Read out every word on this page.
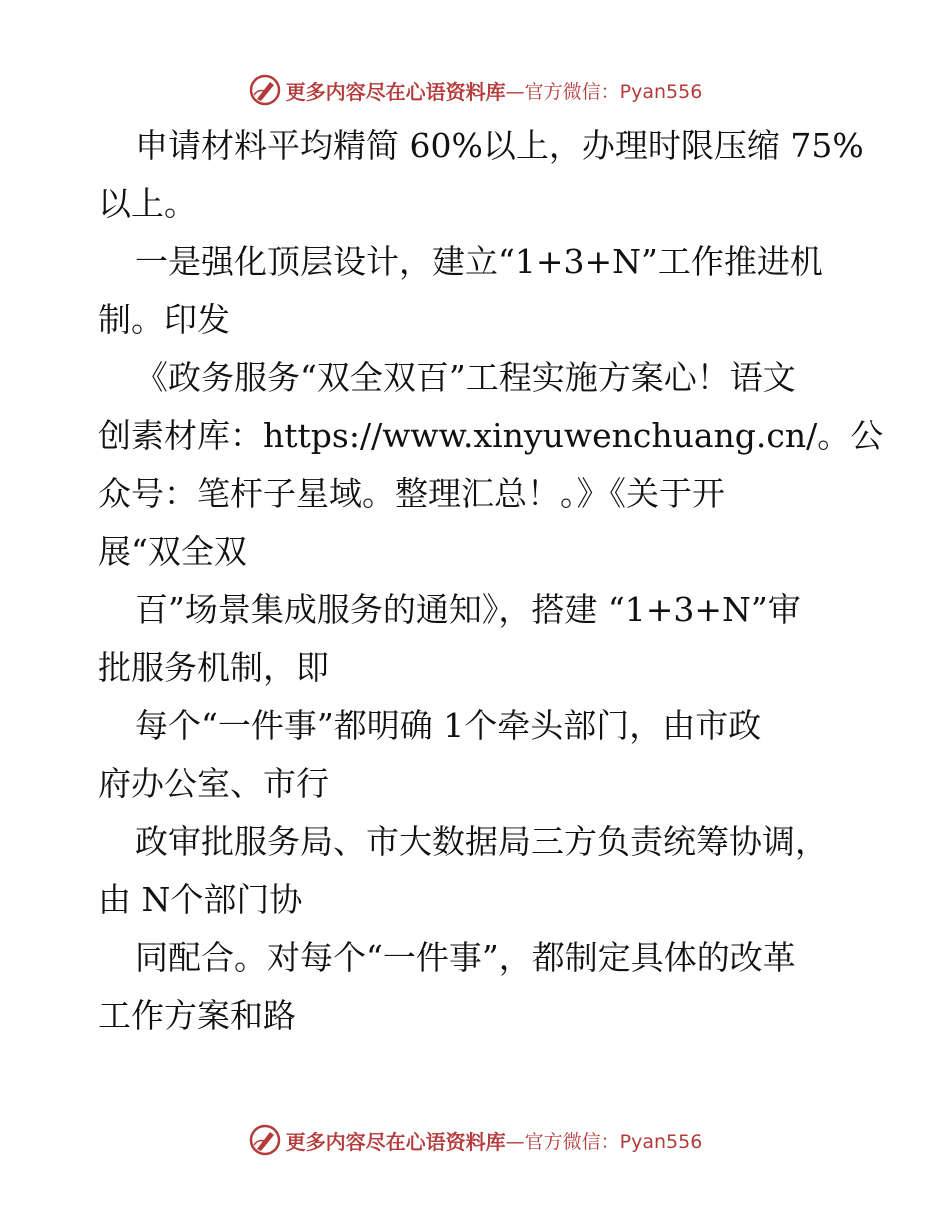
更多内容尽在心语资料库 —官方微信：Pyan556
申请材料平均精简 60%以上，办理时限压缩 75%
以上。
一是强化顶层设计，建立“1+3+N”工作推进机
制。印发
《政务服务“双全双百”工程实施方案心！语文
创素材库：https://www.xinyuwenchuang.cn/。公
众号：笔杆子星域。整理汇总！。》《关于开
展“双全双
百”场景集成服务的通知》，搭建 “1+3+N”审
批服务机制，即
每个“一件事”都明确 1个牵头部门，由市政
府办公室、市行
政审批服务局、市大数据局三方负责统筹协调，
由 N个部门协
同配合。对每个“一件事”，都制定具体的改革
工作方案和路
更多内容尽在心语资料库 —官方微信：Pyan556
